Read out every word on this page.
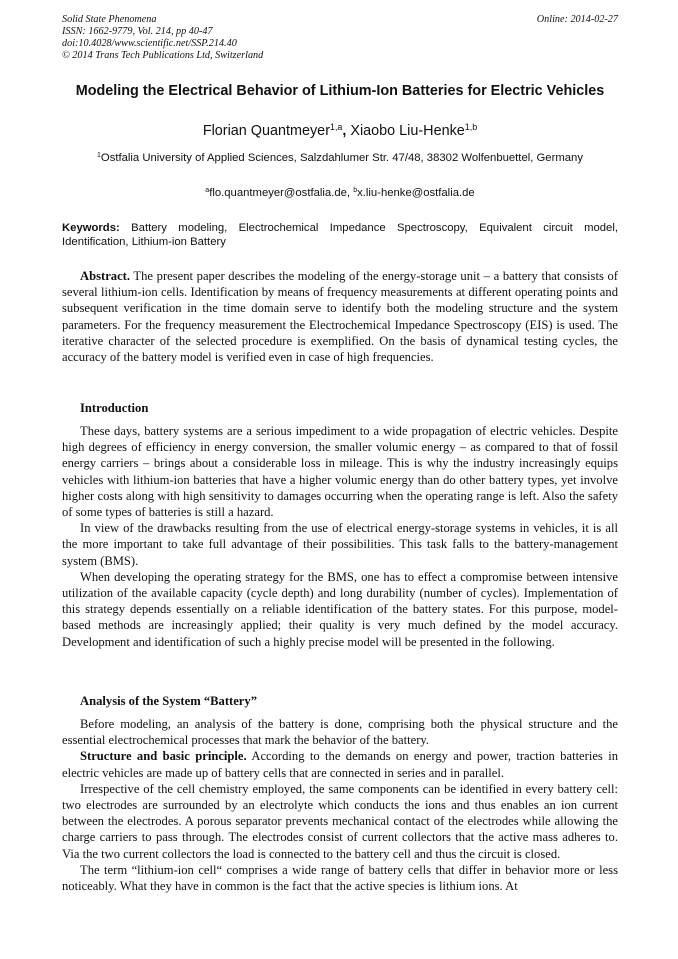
Solid State Phenomena
ISSN: 1662-9779, Vol. 214, pp 40-47
doi:10.4028/www.scientific.net/SSP.214.40
© 2014 Trans Tech Publications Ltd, Switzerland
Online: 2014-02-27
Modeling the Electrical Behavior of Lithium-Ion Batteries for Electric Vehicles
Florian Quantmeyer$^{1,a}$, Xiaobo Liu-Henke$^{1,b}$
$^1$Ostfalia University of Applied Sciences, Salzdahlumer Str. 47/48, 38302 Wolfenbuettel, Germany
$^a$flo.quantmeyer@ostfalia.de, $^b$x.liu-henke@ostfalia.de
Keywords: Battery modeling, Electrochemical Impedance Spectroscopy, Equivalent circuit model, Identification, Lithium-ion Battery

Abstract. The present paper describes the modeling of the energy-storage unit – a battery that consists of several lithium-ion cells. Identification by means of frequency measurements at different operating points and subsequent verification in the time domain serve to identify both the modeling structure and the system parameters. For the frequency measurement the Electrochemical Impedance Spectroscopy (EIS) is used. The iterative character of the selected procedure is exemplified. On the basis of dynamical testing cycles, the accuracy of the battery model is verified even in case of high frequencies.

Introduction

These days, battery systems are a serious impediment to a wide propagation of electric vehicles. Despite high degrees of efficiency in energy conversion, the smaller volumic energy – as compared to that of fossil energy carriers – brings about a considerable loss in mileage. This is why the industry increasingly equips vehicles with lithium-ion batteries that have a higher volumic energy than do other battery types, yet involve higher costs along with high sensitivity to damages occurring when the operating range is left. Also the safety of some types of batteries is still a hazard.

In view of the drawbacks resulting from the use of electrical energy-storage systems in vehicles, it is all the more important to take full advantage of their possibilities. This task falls to the battery-management system (BMS).

When developing the operating strategy for the BMS, one has to effect a compromise between intensive utilization of the available capacity (cycle depth) and long durability (number of cycles). Implementation of this strategy depends essentially on a reliable identification of the battery states. For this purpose, model-based methods are increasingly applied; their quality is very much defined by the model accuracy. Development and identification of such a highly precise model will be presented in the following.

Analysis of the System “Battery”

Before modeling, an analysis of the battery is done, comprising both the physical structure and the essential electrochemical processes that mark the behavior of the battery.

Structure and basic principle. According to the demands on energy and power, traction batteries in electric vehicles are made up of battery cells that are connected in series and in parallel.

Irrespective of the cell chemistry employed, the same components can be identified in every battery cell: two electrodes are surrounded by an electrolyte which conducts the ions and thus enables an ion current between the electrodes. A porous separator prevents mechanical contact of the electrodes while allowing the charge carriers to pass through. The electrodes consist of current collectors that the active mass adheres to. Via the two current collectors the load is connected to the battery cell and thus the circuit is closed.

The term “lithium-ion cell“ comprises a wide range of battery cells that differ in behavior more or less noticeably. What they have in common is the fact that the active species is lithium ions. At
